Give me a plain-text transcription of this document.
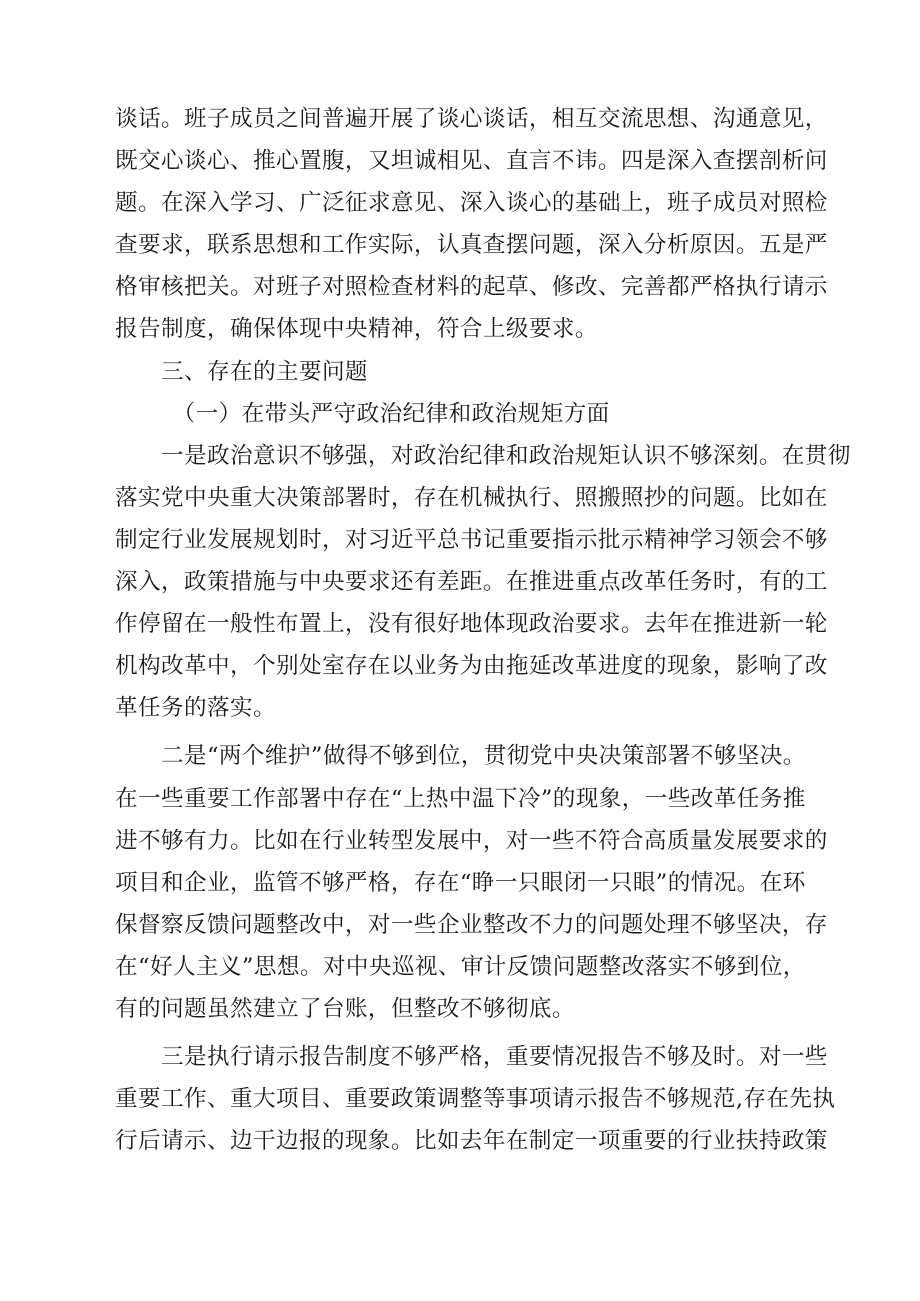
谈话。班子成员之间普遍开展了谈心谈话，相互交流思想、沟通意见，
既交心谈心、推心置腹，又坦诚相见、直言不讳。四是深入查摆剖析问
题。在深入学习、广泛征求意见、深入谈心的基础上，班子成员对照检
查要求，联系思想和工作实际，认真查摆问题，深入分析原因。五是严
格审核把关。对班子对照检查材料的起草、修改、完善都严格执行请示
报告制度，确保体现中央精神，符合上级要求。
　　三、存在的主要问题
　　　（一）在带头严守政治纪律和政治规矩方面
　　一是政治意识不够强，对政治纪律和政治规矩认识不够深刻。在贯彻
落实党中央重大决策部署时，存在机械执行、照搬照抄的问题。比如在
制定行业发展规划时，对习近平总书记重要指示批示精神学习领会不够
深入，政策措施与中央要求还有差距。在推进重点改革任务时，有的工
作停留在一般性布置上，没有很好地体现政治要求。去年在推进新一轮
机构改革中，个别处室存在以业务为由拖延改革进度的现象，影响了改
革任务的落实。
　　二是“两个维护”做得不够到位，贯彻党中央决策部署不够坚决。
在一些重要工作部署中存在“上热中温下冷”的现象，一些改革任务推
进不够有力。比如在行业转型发展中，对一些不符合高质量发展要求的
项目和企业，监管不够严格，存在“睁一只眼闭一只眼”的情况。在环
保督察反馈问题整改中，对一些企业整改不力的问题处理不够坚决，存
在“好人主义”思想。对中央巡视、审计反馈问题整改落实不够到位，
有的问题虽然建立了台账，但整改不够彻底。
　　三是执行请示报告制度不够严格，重要情况报告不够及时。对一些
重要工作、重大项目、重要政策调整等事项请示报告不够规范,存在先执
行后请示、边干边报的现象。比如去年在制定一项重要的行业扶持政策
